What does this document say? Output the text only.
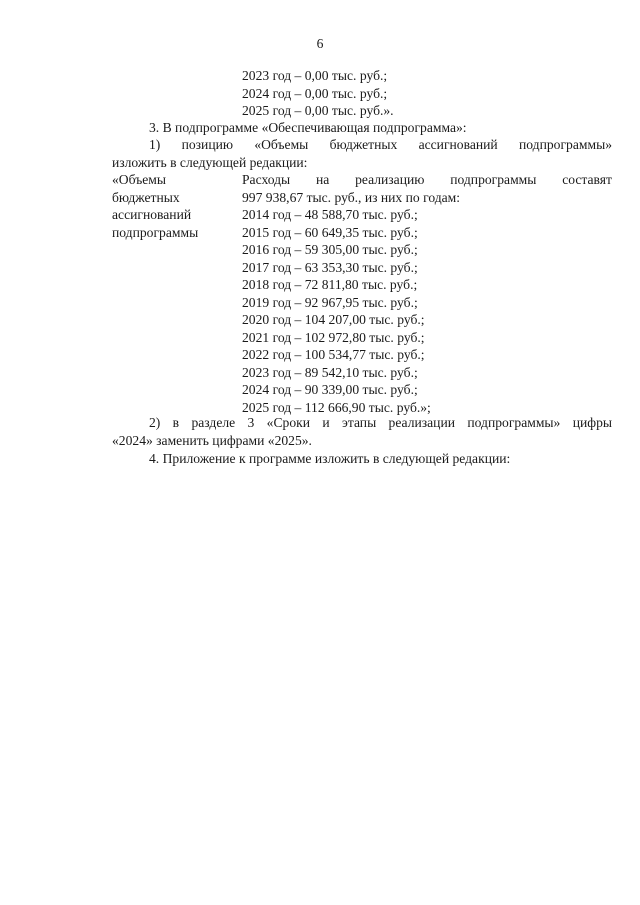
6
2023 год – 0,00 тыс. руб.;
2024 год – 0,00 тыс. руб.;
2025 год – 0,00 тыс. руб.».
3. В подпрограмме «Обеспечивающая подпрограмма»:
1) позицию «Объемы бюджетных ассигнований подпрограммы»
изложить в следующей редакции:
«Объемы
бюджетных
ассигнований
подпрограммы
Расходы на реализацию подпрограммы составят
997 938,67 тыс. руб., из них по годам:
2014 год – 48 588,70 тыс. руб.;
2015 год – 60 649,35 тыс. руб.;
2016 год – 59 305,00 тыс. руб.;
2017 год – 63 353,30 тыс. руб.;
2018 год – 72 811,80 тыс. руб.;
2019 год – 92 967,95 тыс. руб.;
2020 год – 104 207,00 тыс. руб.;
2021 год – 102 972,80 тыс. руб.;
2022 год – 100 534,77 тыс. руб.;
2023 год – 89 542,10 тыс. руб.;
2024 год – 90 339,00 тыс. руб.;
2025 год – 112 666,90 тыс. руб.»;
2) в разделе 3 «Сроки и этапы реализации подпрограммы» цифры
«2024» заменить цифрами «2025».
4. Приложение к программе изложить в следующей редакции:
